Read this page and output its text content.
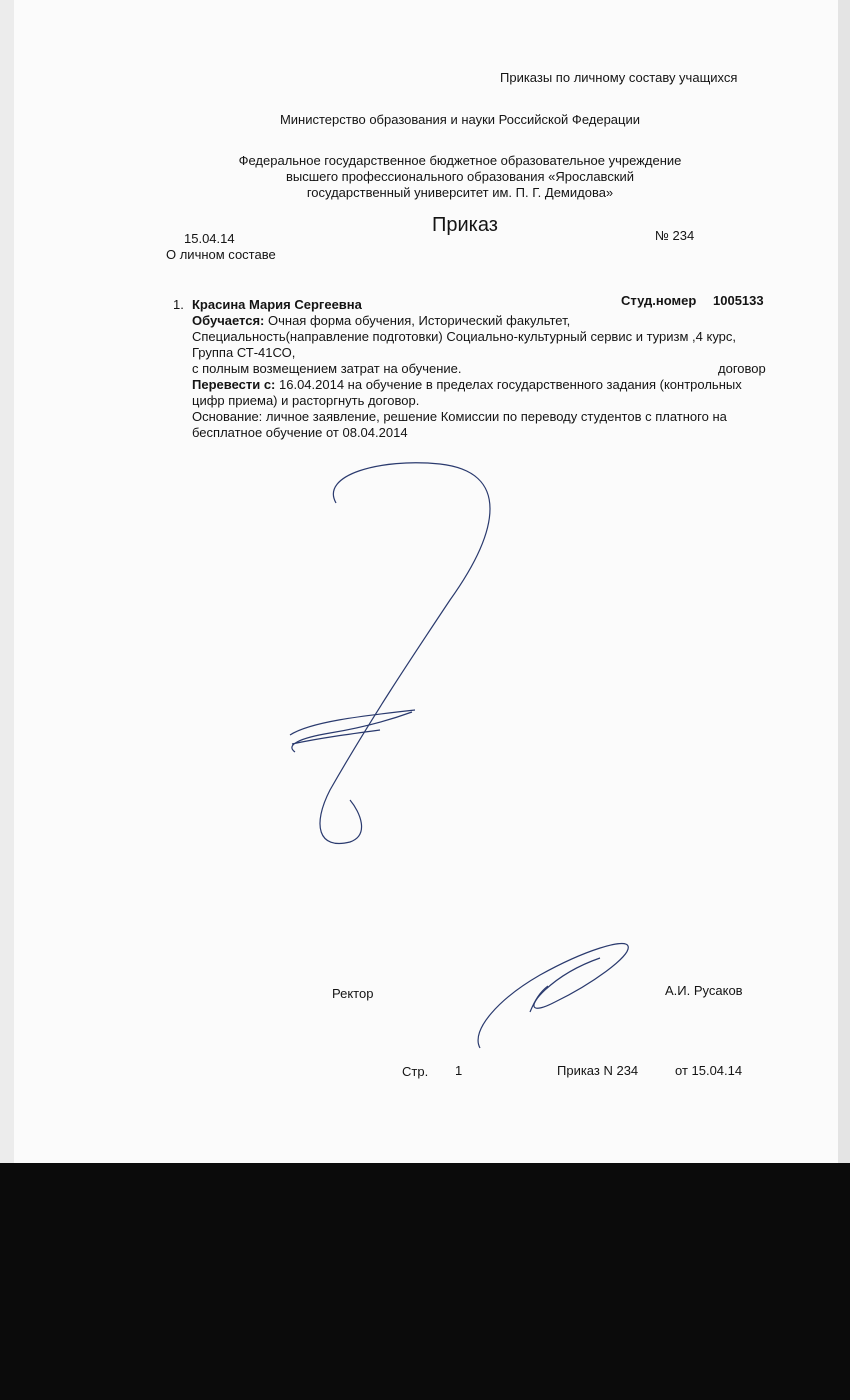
Приказы по личному составу учащихся
Министерство образования и науки Российской Федерации
Федеральное государственное бюджетное образовательное учреждение
высшего профессионального образования «Ярославский
государственный университет им. П. Г. Демидова»
Приказ
15.04.14	№ 234
О личном составе
1. Красина Мария Сергеевна	Студ.номер 1005133
Обучается: Очная форма обучения, Исторический факультет,
Специальность(направление подготовки) Социально-культурный сервис и туризм ,4 курс,
Группа СТ-41СО,
с полным возмещением затрат на обучение.	договор
Перевести с: 16.04.2014 на обучение в пределах государственного задания (контрольных
цифр приема) и расторгнуть договор.
Основание: личное заявление, решение Комиссии по переводу студентов с платного на
бесплатное обучение от 08.04.2014
Ректор	А.И. Русаков
Стр. 1	Приказ N 234	от 15.04.14
